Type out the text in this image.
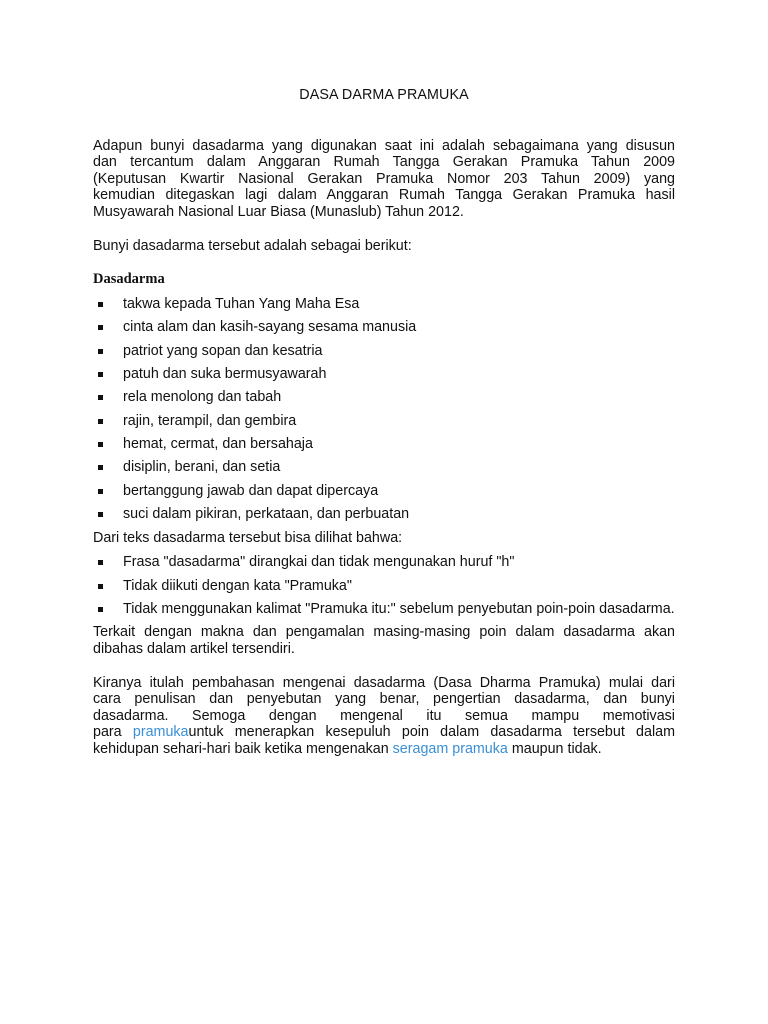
DASA DARMA PRAMUKA
Adapun bunyi dasadarma yang digunakan saat ini adalah sebagaimana yang disusun
dan tercantum dalam Anggaran Rumah Tangga Gerakan Pramuka Tahun 2009
(Keputusan Kwartir Nasional Gerakan Pramuka Nomor 203 Tahun 2009) yang
kemudian ditegaskan lagi dalam Anggaran Rumah Tangga Gerakan Pramuka hasil
Musyawarah Nasional Luar Biasa (Munaslub) Tahun 2012.
Bunyi dasadarma tersebut adalah sebagai berikut:
Dasadarma
takwa kepada Tuhan Yang Maha Esa
cinta alam dan kasih-sayang sesama manusia
patriot yang sopan dan kesatria
patuh dan suka bermusyawarah
rela menolong dan tabah
rajin, terampil, dan gembira
hemat, cermat, dan bersahaja
disiplin, berani, dan setia
bertanggung jawab dan dapat dipercaya
suci dalam pikiran, perkataan, dan perbuatan
Dari teks dasadarma tersebut bisa dilihat bahwa:
Frasa "dasadarma" dirangkai dan tidak mengunakan huruf "h"
Tidak diikuti dengan kata "Pramuka"
Tidak menggunakan kalimat "Pramuka itu:" sebelum penyebutan poin-poin dasadarma.
Terkait dengan makna dan pengamalan masing-masing poin dalam dasadarma akan
dibahas dalam artikel tersendiri.
Kiranya itulah pembahasan mengenai dasadarma (Dasa Dharma Pramuka) mulai dari
cara penulisan dan penyebutan yang benar, pengertian dasadarma, dan bunyi
dasadarma. Semoga dengan mengenal itu semua mampu memotivasi
para pramukauntuk menerapkan kesepuluh poin dalam dasadarma tersebut dalam
kehidupan sehari-hari baik ketika mengenakan seragam pramuka maupun tidak.
